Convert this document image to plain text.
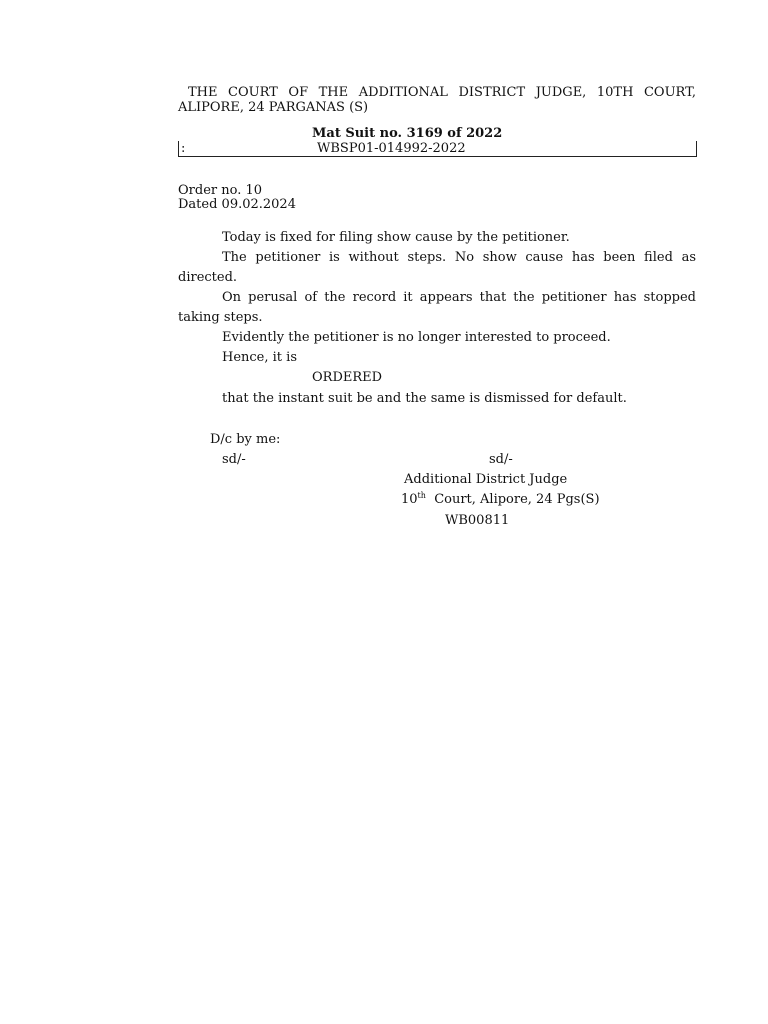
THE COURT OF THE ADDITIONAL DISTRICT JUDGE, 10TH COURT,
ALIPORE, 24 PARGANAS (S)
Mat Suit no. 3169 of 2022
:	WBSP01-014992-2022
Order no. 10
Dated 09.02.2024
Today is fixed for filing show cause by the petitioner.
The petitioner is without steps. No show cause has been filed as
directed.
On perusal of the record it appears that the petitioner has stopped
taking steps.
Evidently the petitioner is no longer interested to proceed.
Hence, it is
ORDERED
that the instant suit be and the same is dismissed for default.
D/c by me:
sd/-	sd/-
Additional District Judge
10th Court, Alipore, 24 Pgs(S)
WB00811
